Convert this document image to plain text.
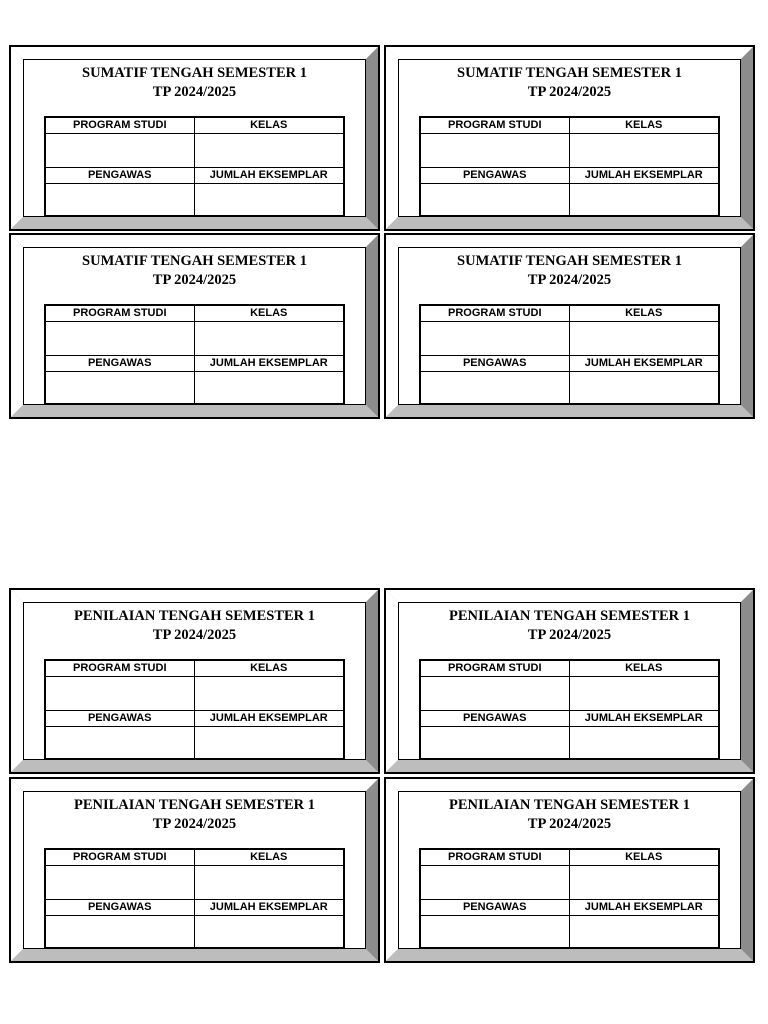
SUMATIF TENGAH SEMESTER 1
TP 2024/2025
PROGRAM STUDI	KELAS
PENGAWAS	JUMLAH EKSEMPLAR
SUMATIF TENGAH SEMESTER 1
TP 2024/2025
PROGRAM STUDI	KELAS
PENGAWAS	JUMLAH EKSEMPLAR
SUMATIF TENGAH SEMESTER 1
TP 2024/2025
PROGRAM STUDI	KELAS
PENGAWAS	JUMLAH EKSEMPLAR
SUMATIF TENGAH SEMESTER 1
TP 2024/2025
PROGRAM STUDI	KELAS
PENGAWAS	JUMLAH EKSEMPLAR
PENILAIAN TENGAH SEMESTER 1
TP 2024/2025
PROGRAM STUDI	KELAS
PENGAWAS	JUMLAH EKSEMPLAR
PENILAIAN TENGAH SEMESTER 1
TP 2024/2025
PROGRAM STUDI	KELAS
PENGAWAS	JUMLAH EKSEMPLAR
PENILAIAN TENGAH SEMESTER 1
TP 2024/2025
PROGRAM STUDI	KELAS
PENGAWAS	JUMLAH EKSEMPLAR
PENILAIAN TENGAH SEMESTER 1
TP 2024/2025
PROGRAM STUDI	KELAS
PENGAWAS	JUMLAH EKSEMPLAR
